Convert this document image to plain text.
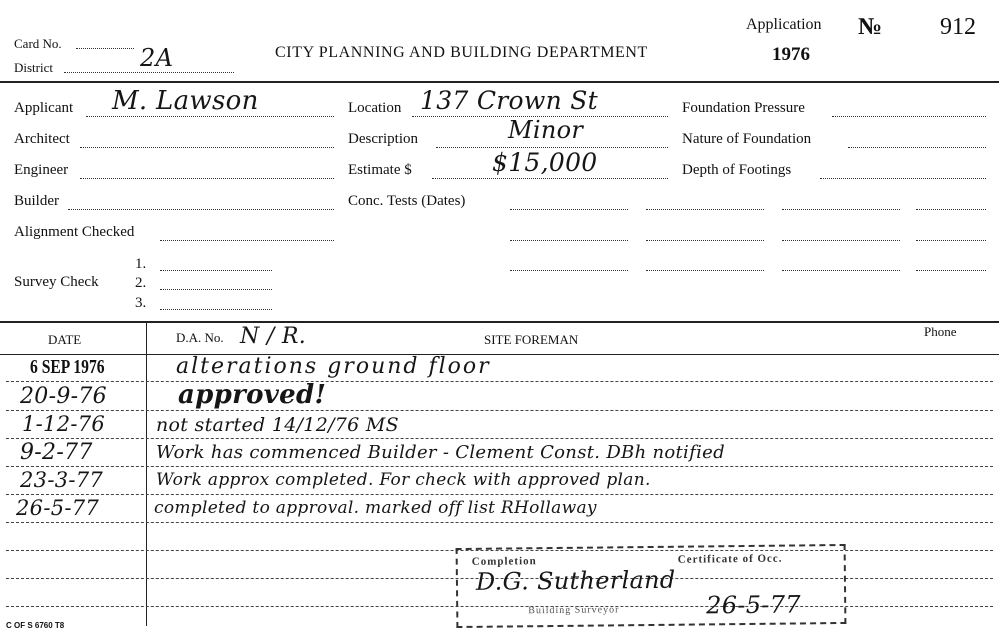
Card No.
District	2A	CITY PLANNING AND BUILDING DEPARTMENT
Application № 912
1976
Applicant M. Lawson
Architect
Engineer
Builder
Alignment Checked
Survey Check
1.
2.
3.
Location 137 Crown St
Description	Minor
Estimate $	$15,000
Conc. Tests (Dates)
Foundation Pressure
Nature of Foundation
Depth of Footings
DATE	D.A. No. N / R.	SITE FOREMAN
Phone
6 SEP 1976	alterations ground floor
20-9-76	approved!
1-12-76	not started 14/12/76 MS
9-2-77	Work has commenced Builder - Clement Const. DBh notified
23-3-77	Work approx completed. For check with approved plan.
26-5-77	completed to approval. marked off list RHollaway
Completion	Certificate of Occ.
D.G. Sutherland
Building Surveyor	26-5-77
C OF S 6760 T8
